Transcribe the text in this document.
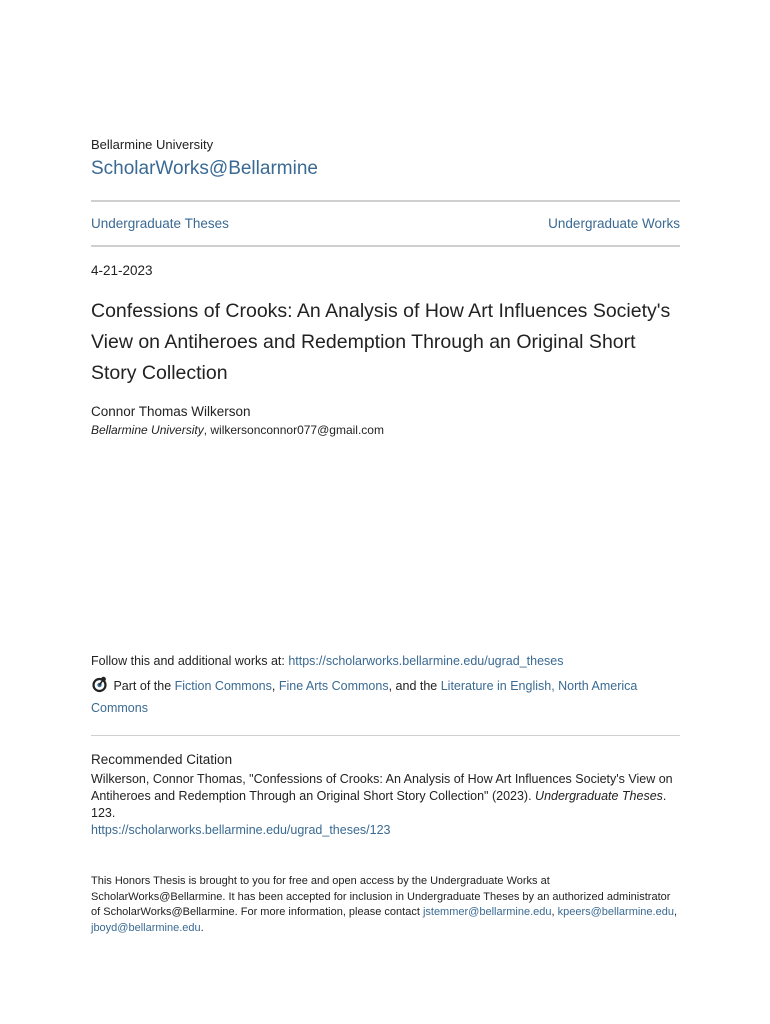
Bellarmine University
ScholarWorks@Bellarmine
Undergraduate Theses	Undergraduate Works
4-21-2023
Confessions of Crooks: An Analysis of How Art Influences Society's View on Antiheroes and Redemption Through an Original Short Story Collection
Connor Thomas Wilkerson
Bellarmine University, wilkersonconnor077@gmail.com
Follow this and additional works at: https://scholarworks.bellarmine.edu/ugrad_theses
Part of the Fiction Commons, Fine Arts Commons, and the Literature in English, North America Commons
Recommended Citation
Wilkerson, Connor Thomas, "Confessions of Crooks: An Analysis of How Art Influences Society's View on Antiheroes and Redemption Through an Original Short Story Collection" (2023). Undergraduate Theses. 123.
https://scholarworks.bellarmine.edu/ugrad_theses/123
This Honors Thesis is brought to you for free and open access by the Undergraduate Works at ScholarWorks@Bellarmine. It has been accepted for inclusion in Undergraduate Theses by an authorized administrator of ScholarWorks@Bellarmine. For more information, please contact jstemmer@bellarmine.edu, kpeers@bellarmine.edu, jboyd@bellarmine.edu.
